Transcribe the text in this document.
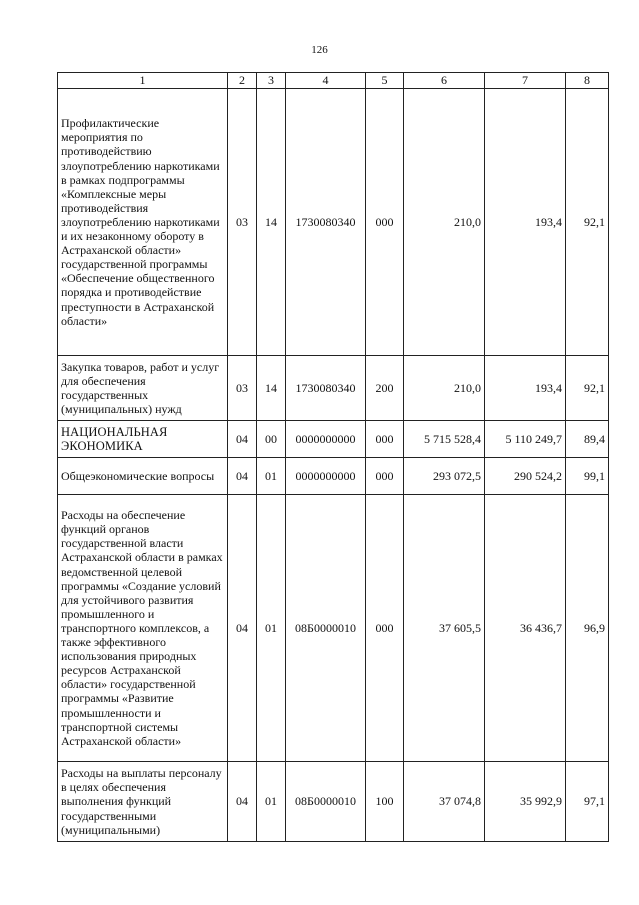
126
1	2	3	4	5	6	7	8
Профилактические мероприятия по противодействию злоупотреблению наркотиками в рамках подпрограммы «Комплексные меры противодействия злоупотреблению наркотиками и их незаконному обороту в Астраханской области» государственной программы «Обеспечение общественного порядка и противодействие преступности в Астраханской области»	03	14	1730080340	000	210,0	193,4	92,1
Закупка товаров, работ и услуг для обеспечения государственных (муниципальных) нужд	03	14	1730080340	200	210,0	193,4	92,1
НАЦИОНАЛЬНАЯ ЭКОНОМИКА	04	00	0000000000	000	5 715 528,4	5 110 249,7	89,4
Общеэкономические вопросы	04	01	0000000000	000	293 072,5	290 524,2	99,1
Расходы на обеспечение функций органов государственной власти Астраханской области в рамках ведомственной целевой программы «Создание условий для устойчивого развития промышленного и транспортного комплексов, а также эффективного использования природных ресурсов Астраханской области» государственной программы «Развитие промышленности и транспортной системы Астраханской области»	04	01	08Б0000010	000	37 605,5	36 436,7	96,9
Расходы на выплаты персоналу в целях обеспечения выполнения функций государственными (муниципальными)	04	01	08Б0000010	100	37 074,8	35 992,9	97,1
